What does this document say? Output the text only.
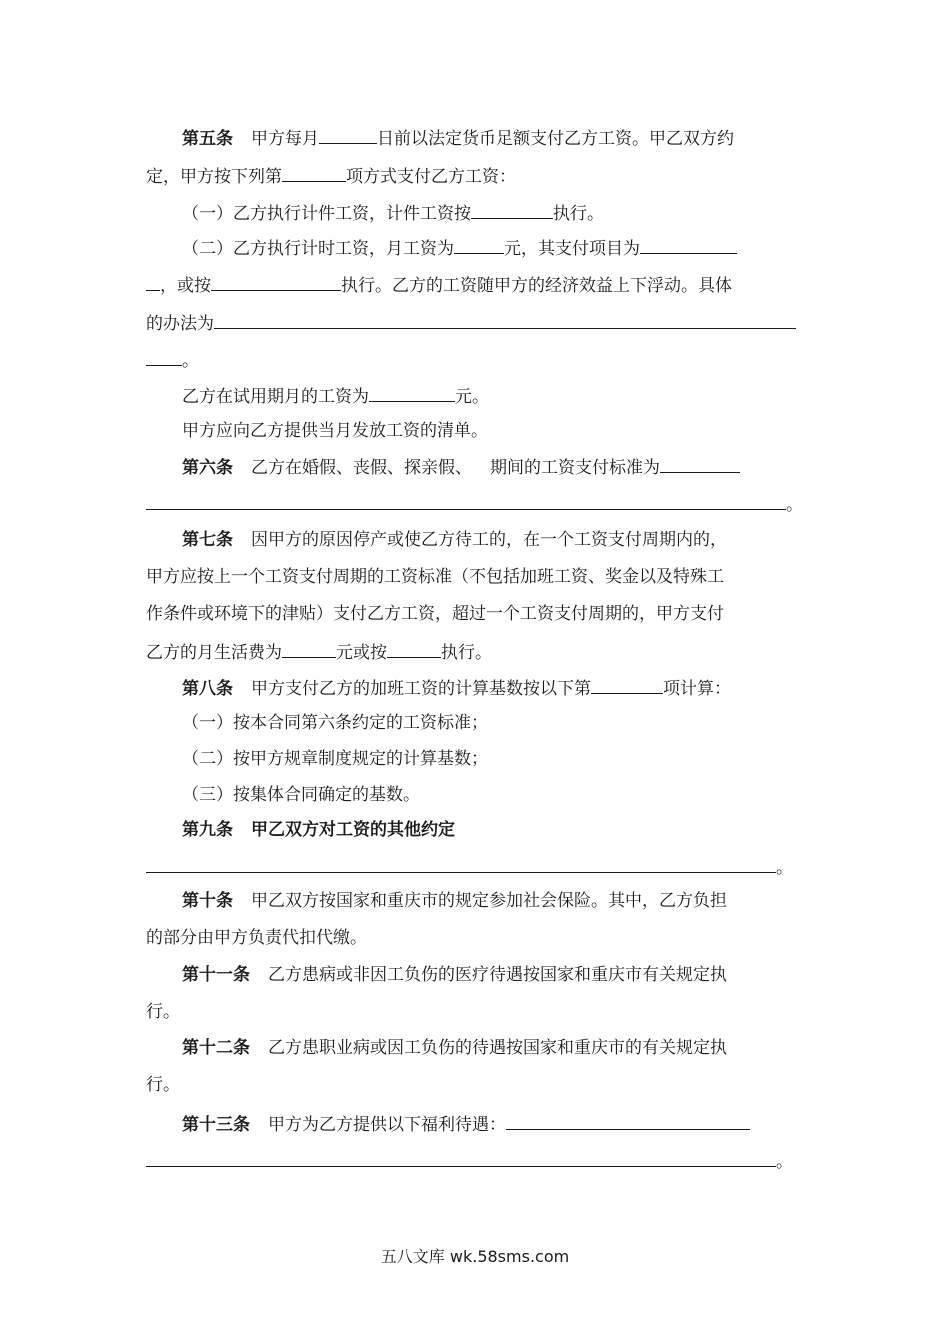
第五条 甲方每月	日前以法定货币足额支付乙方工资。甲乙双方约
定，甲方按下列第	项方式支付乙方工资：
（一）乙方执行计件工资，计件工资按	执行。
（二）乙方执行计时工资，月工资为	元，其支付项目为
，或按	执行。乙方的工资随甲方的经济效益上下浮动。具体
的办法为
。
乙方在试用期月的工资为	元。
甲方应向乙方提供当月发放工资的清单。
第六条 乙方在婚假、丧假、探亲假、 期间的工资支付标准为
。
第七条 因甲方的原因停产或使乙方待工的，在一个工资支付周期内的，
甲方应按上一个工资支付周期的工资标准（不包括加班工资、奖金以及特殊工
作条件或环境下的津贴）支付乙方工资，超过一个工资支付周期的，甲方支付
乙方的月生活费为	元或按	执行。
第八条 甲方支付乙方的加班工资的计算基数按以下第	项计算：
（一）按本合同第六条约定的工资标准；
（二）按甲方规章制度规定的计算基数；
（三）按集体合同确定的基数。
第九条 甲乙双方对工资的其他约定
。
第十条 甲乙双方按国家和重庆市的规定参加社会保险。其中，乙方负担
的部分由甲方负责代扣代缴。
第十一条 乙方患病或非因工负伤的医疗待遇按国家和重庆市有关规定执
行。
第十二条 乙方患职业病或因工负伤的待遇按国家和重庆市的有关规定执
行。
第十三条 甲方为乙方提供以下福利待遇：
。
五八文库 wk.58sms.com
